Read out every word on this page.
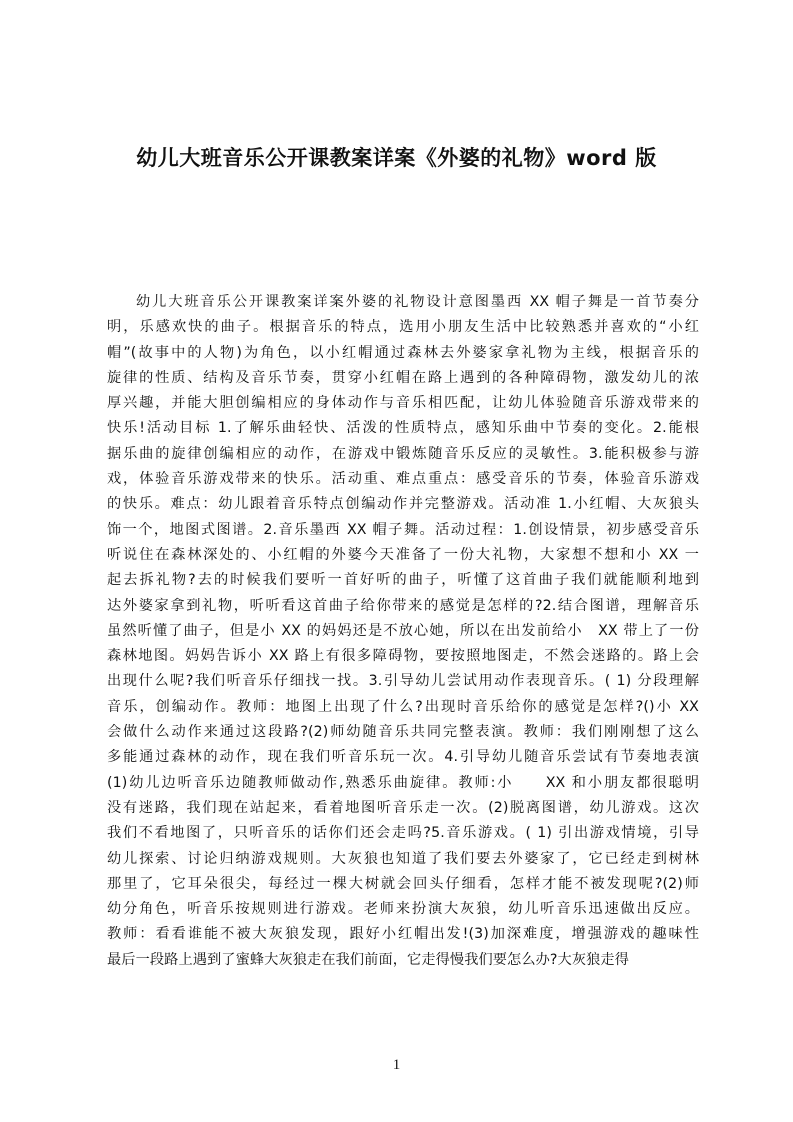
幼儿大班音乐公开课教案详案《外婆的礼物》word 版
幼儿大班音乐公开课教案详案外婆的礼物设计意图墨西 XX 帽子舞是一首节奏分
明，乐感欢快的曲子。根据音乐的特点，选用小朋友生活中比较熟悉并喜欢的“小红
帽”(故事中的人物)为角色，以小红帽通过森林去外婆家拿礼物为主线，根据音乐的
旋律的性质、结构及音乐节奏，贯穿小红帽在路上遇到的各种障碍物，激发幼儿的浓
厚兴趣，并能大胆创编相应的身体动作与音乐相匹配，让幼儿体验随音乐游戏带来的
快乐!活动目标 1.了解乐曲轻快、活泼的性质特点，感知乐曲中节奏的变化。2.能根
据乐曲的旋律创编相应的动作，在游戏中锻炼随音乐反应的灵敏性。3.能积极参与游
戏，体验音乐游戏带来的快乐。活动重、难点重点：感受音乐的节奏，体验音乐游戏
的快乐。难点：幼儿跟着音乐特点创编动作并完整游戏。活动准 1.小红帽、大灰狼头
饰一个，地图式图谱。2.音乐墨西 XX 帽子舞。活动过程：1.创设情景，初步感受音乐
听说住在森林深处的、小红帽的外婆今天准备了一份大礼物，大家想不想和小 XX 一
起去拆礼物?去的时候我们要听一首好听的曲子，听懂了这首曲子我们就能顺利地到
达外婆家拿到礼物，听听看这首曲子给你带来的感觉是怎样的?2.结合图谱，理解音乐
虽然听懂了曲子，但是小 XX 的妈妈还是不放心她，所以在出发前给小　XX 带上了一份
森林地图。妈妈告诉小 XX 路上有很多障碍物，要按照地图走，不然会迷路的。路上会
出现什么呢?我们听音乐仔细找一找。3.引导幼儿尝试用动作表现音乐。( 1) 分段理解
音乐，创编动作。教师：地图上出现了什么?出现时音乐给你的感觉是怎样?()小 XX
会做什么动作来通过这段路?(2)师幼随音乐共同完整表演。教师：我们刚刚想了这么
多能通过森林的动作，现在我们听音乐玩一次。4.引导幼儿随音乐尝试有节奏地表演
(1)幼儿边听音乐边随教师做动作,熟悉乐曲旋律。教师:小　　XX 和小朋友都很聪明
没有迷路，我们现在站起来，看着地图听音乐走一次。(2)脱离图谱，幼儿游戏。这次
我们不看地图了，只听音乐的话你们还会走吗?5.音乐游戏。( 1) 引出游戏情境，引导
幼儿探索、讨论归纳游戏规则。大灰狼也知道了我们要去外婆家了，它已经走到树林
那里了，它耳朵很尖，每经过一棵大树就会回头仔细看，怎样才能不被发现呢?(2)师
幼分角色，听音乐按规则进行游戏。老师来扮演大灰狼，幼儿听音乐迅速做出反应。
教师：看看谁能不被大灰狼发现，跟好小红帽出发!(3)加深难度，增强游戏的趣味性
最后一段路上遇到了蜜蜂大灰狼走在我们前面，它走得慢我们要怎么办?大灰狼走得
1
